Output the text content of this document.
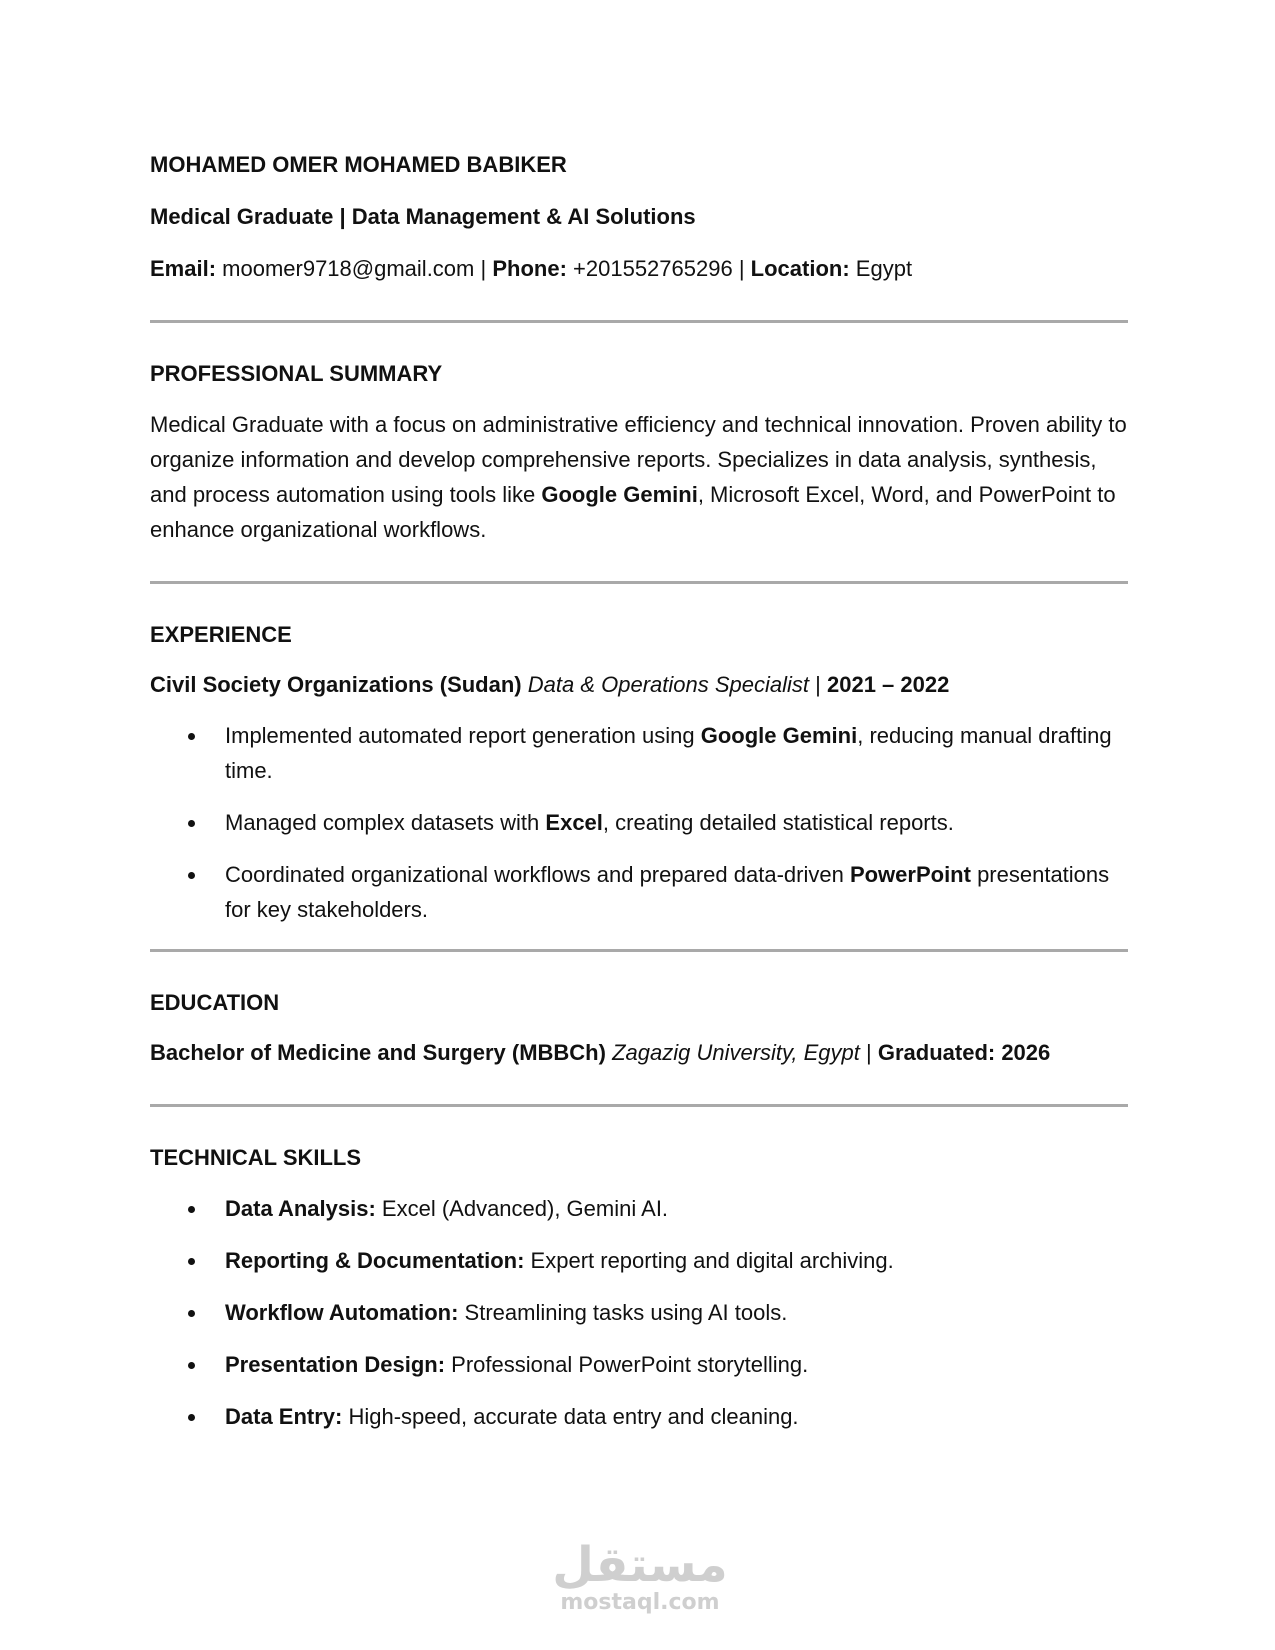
MOHAMED OMER MOHAMED BABIKER

Medical Graduate | Data Management & AI Solutions

Email: moomer9718@gmail.com | Phone: +201552765296 | Location: Egypt

PROFESSIONAL SUMMARY

Medical Graduate with a focus on administrative efficiency and technical innovation. Proven ability to organize information and develop comprehensive reports. Specializes in data analysis, synthesis, and process automation using tools like Google Gemini, Microsoft Excel, Word, and PowerPoint to enhance organizational workflows.

EXPERIENCE

Civil Society Organizations (Sudan) Data & Operations Specialist | 2021 – 2022

Implemented automated report generation using Google Gemini, reducing manual drafting time.
Managed complex datasets with Excel, creating detailed statistical reports.
Coordinated organizational workflows and prepared data-driven PowerPoint presentations for key stakeholders.

EDUCATION

Bachelor of Medicine and Surgery (MBBCh) Zagazig University, Egypt | Graduated: 2026

TECHNICAL SKILLS

Data Analysis: Excel (Advanced), Gemini AI.
Reporting & Documentation: Expert reporting and digital archiving.
Workflow Automation: Streamlining tasks using AI tools.
Presentation Design: Professional PowerPoint storytelling.
Data Entry: High-speed, accurate data entry and cleaning.
مستقل
mostaql.com
